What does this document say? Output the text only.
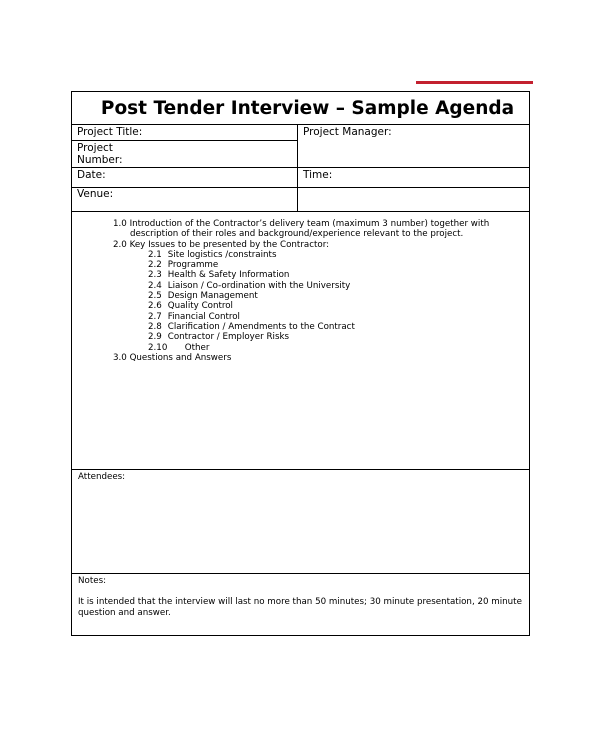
Post Tender Interview – Sample Agenda
Project Title:
Project
Number:
Project Manager:
Date:	Time:
Venue:
1.0 Introduction of the Contractor’s delivery team (maximum 3 number) together with
description of their roles and background/experience relevant to the project.
2.0 Key Issues to be presented by the Contractor:
2.1 Site logistics /constraints
2.2 Programme
2.3 Health & Safety Information
2.4 Liaison / Co-ordination with the University
2.5 Design Management
2.6 Quality Control
2.7 Financial Control
2.8 Clarification / Amendments to the Contract
2.9 Contractor / Employer Risks
2.10 Other
3.0 Questions and Answers
Attendees:
Notes:
It is intended that the interview will last no more than 50 minutes; 30 minute presentation, 20 minute
question and answer.
